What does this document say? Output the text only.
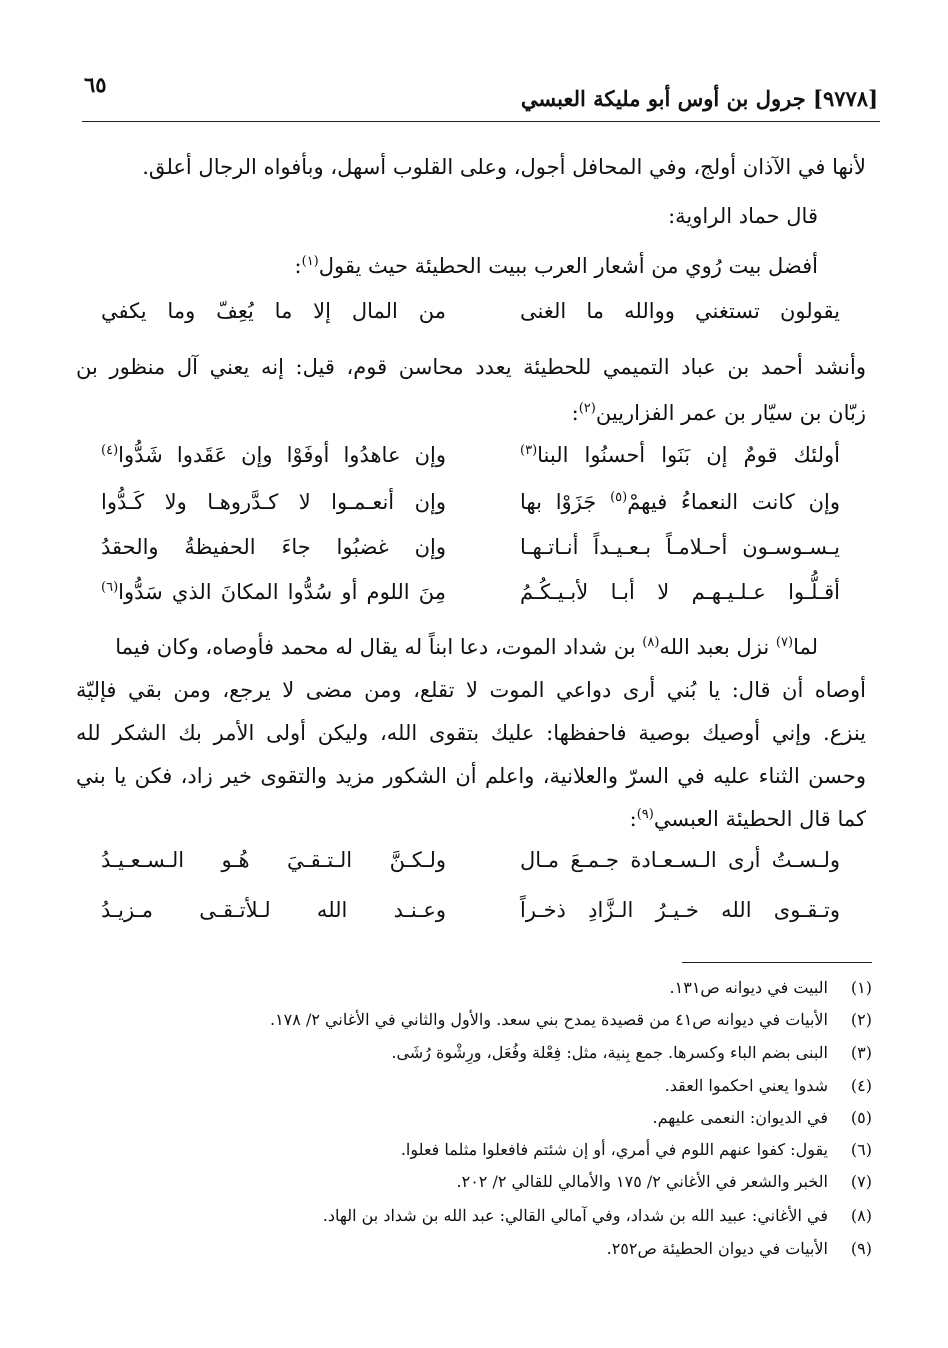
[٩٧٧٨] جرول بن أوس أبو مليكة العبسي
٦٥
لأنها في الآذان أولج، وفي المحافل أجول، وعلى القلوب أسهل، وبأفواه الرجال أعلق.
قال حماد الراوية:
أفضل بيت رُوي من أشعار العرب ببيت الحطيئة حيث يقول$^{(١)}$:
يقولون تستغني ووالله ما الغنى
من المال إلا ما يُعِفّ وما يكفي
وأنشد أحمد بن عباد التميمي للحطيئة يعدد محاسن قوم، قيل: إنه يعني آل منظور بن
زبّان بن سيّار بن عمر الفزاريين$^{(٢)}$:
أولئك قومٌ إن بَنَوا أحسنُوا البنا$^{(٣)}$
وإن عاهدُوا أوفَوْا وإن عَقَدوا شَدُّوا$^{(٤)}$
وإن كانت النعماءُ فيهمْ$^{(٥)}$ جَزَوْا بها
وإن أنعـمـوا لا كـدَّروهـا ولا كَـدُّوا
يـسـوسـون أحـلامـاً بـعـيـداً أنـاتـهـا
وإن غضبُوا جاءَ الحفيظةُ والحقدُ
أقـلُّـوا عـلـيـهـم لا أبـا لأبـيـكُـمُ
مِنَ اللوم أو سُدُّوا المكانَ الذي سَدُّوا$^{(٦)}$
لما$^{(٧)}$ نزل بعبد الله$^{(٨)}$ بن شداد الموت، دعا ابناً له يقال له محمد فأوصاه، وكان فيما
أوصاه أن قال: يا بُني أرى دواعي الموت لا تقلع، ومن مضى لا يرجع، ومن بقي فإليّة
ينزع. وإني أوصيك بوصية فاحفظها: عليك بتقوى الله، وليكن أولى الأمر بك الشكر لله
وحسن الثناء عليه في السرّ والعلانية، واعلم أن الشكور مزيد والتقوى خير زاد، فكن يا بني
كما قال الحطيئة العبسي$^{(٩)}$:
ولـسـتُ أرى الـسـعـادة جـمـعَ مـال
ولـكـنَّ الـتـقـيَ هُـو الـسـعـيـدُ
وتـقـوى الله خـيـرُ الـزَّادِ ذخـراً
وعـنـد الله لـلأتـقـى مـزيـدُ
(١)البيت في ديوانه ص١٣١.
(٢)الأبيات في ديوانه ص٤١ من قصيدة يمدح بني سعد. والأول والثاني في الأغاني ٢/ ١٧٨.
(٣)البنى بضم الباء وكسرها. جمع بِنية، مثل: فِعْلة وفُعَل، ورِشْوة رُشَى.
(٤)شدوا يعني احكموا العقد.
(٥)في الديوان: النعمى عليهم.
(٦)يقول: كفوا عنهم اللوم في أمري، أو إن شئتم فافعلوا مثلما فعلوا.
(٧)الخبر والشعر في الأغاني ٢/ ١٧٥ والأمالي للقالي ٢/ ٢٠٢.
(٨)في الأغاني: عبيد الله بن شداد، وفي آمالي القالي: عبد الله بن شداد بن الهاد.
(٩)الأبيات في ديوان الحطيئة ص٢٥٢.
